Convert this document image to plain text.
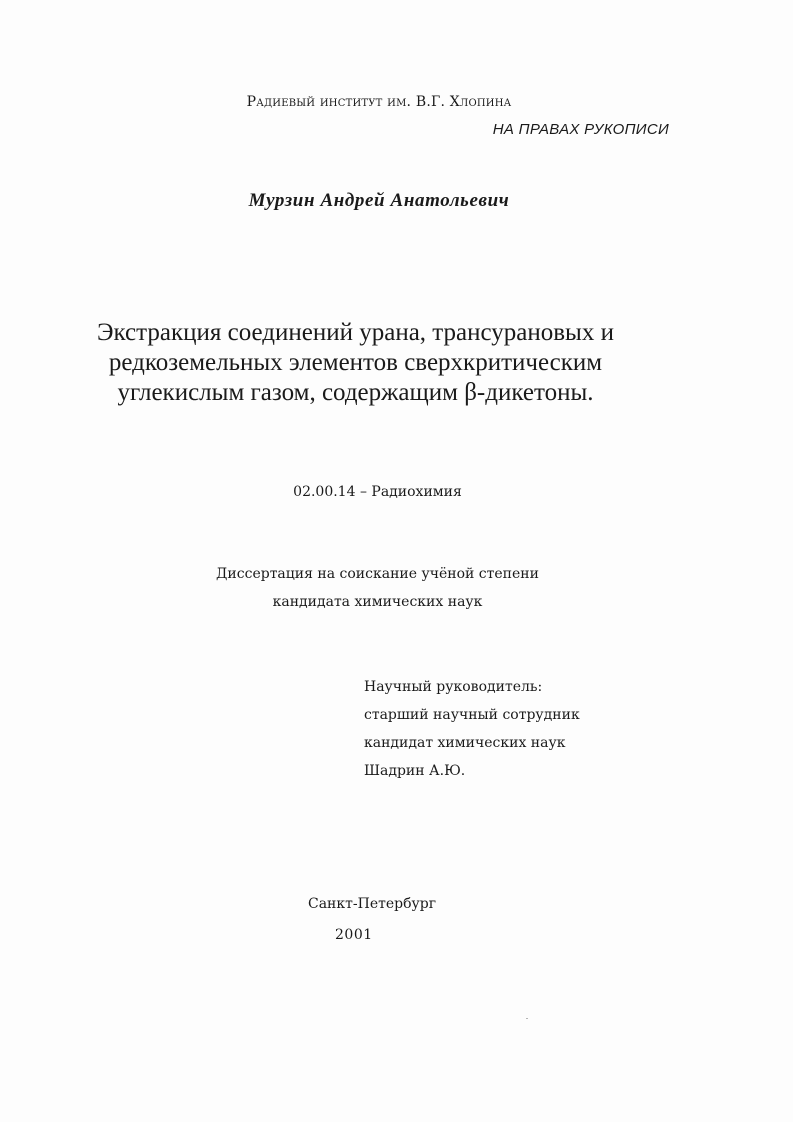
Радиевый институт им. В.Г. Хлопина

НА ПРАВАХ РУКОПИСИ

Мурзин Андрей Анатольевич

Экстракция соединений урана, трансурановых и
редкоземельных элементов сверхкритическим
углекислым газом, содержащим β-дикетоны.

02.00.14 – Радиохимия

Диссертация на соискание учёной степени
кандидата химических наук
Научный руководитель:
старший научный сотрудник
кандидат химических наук
Шадрин А.Ю.

Санкт-Петербург

2001
